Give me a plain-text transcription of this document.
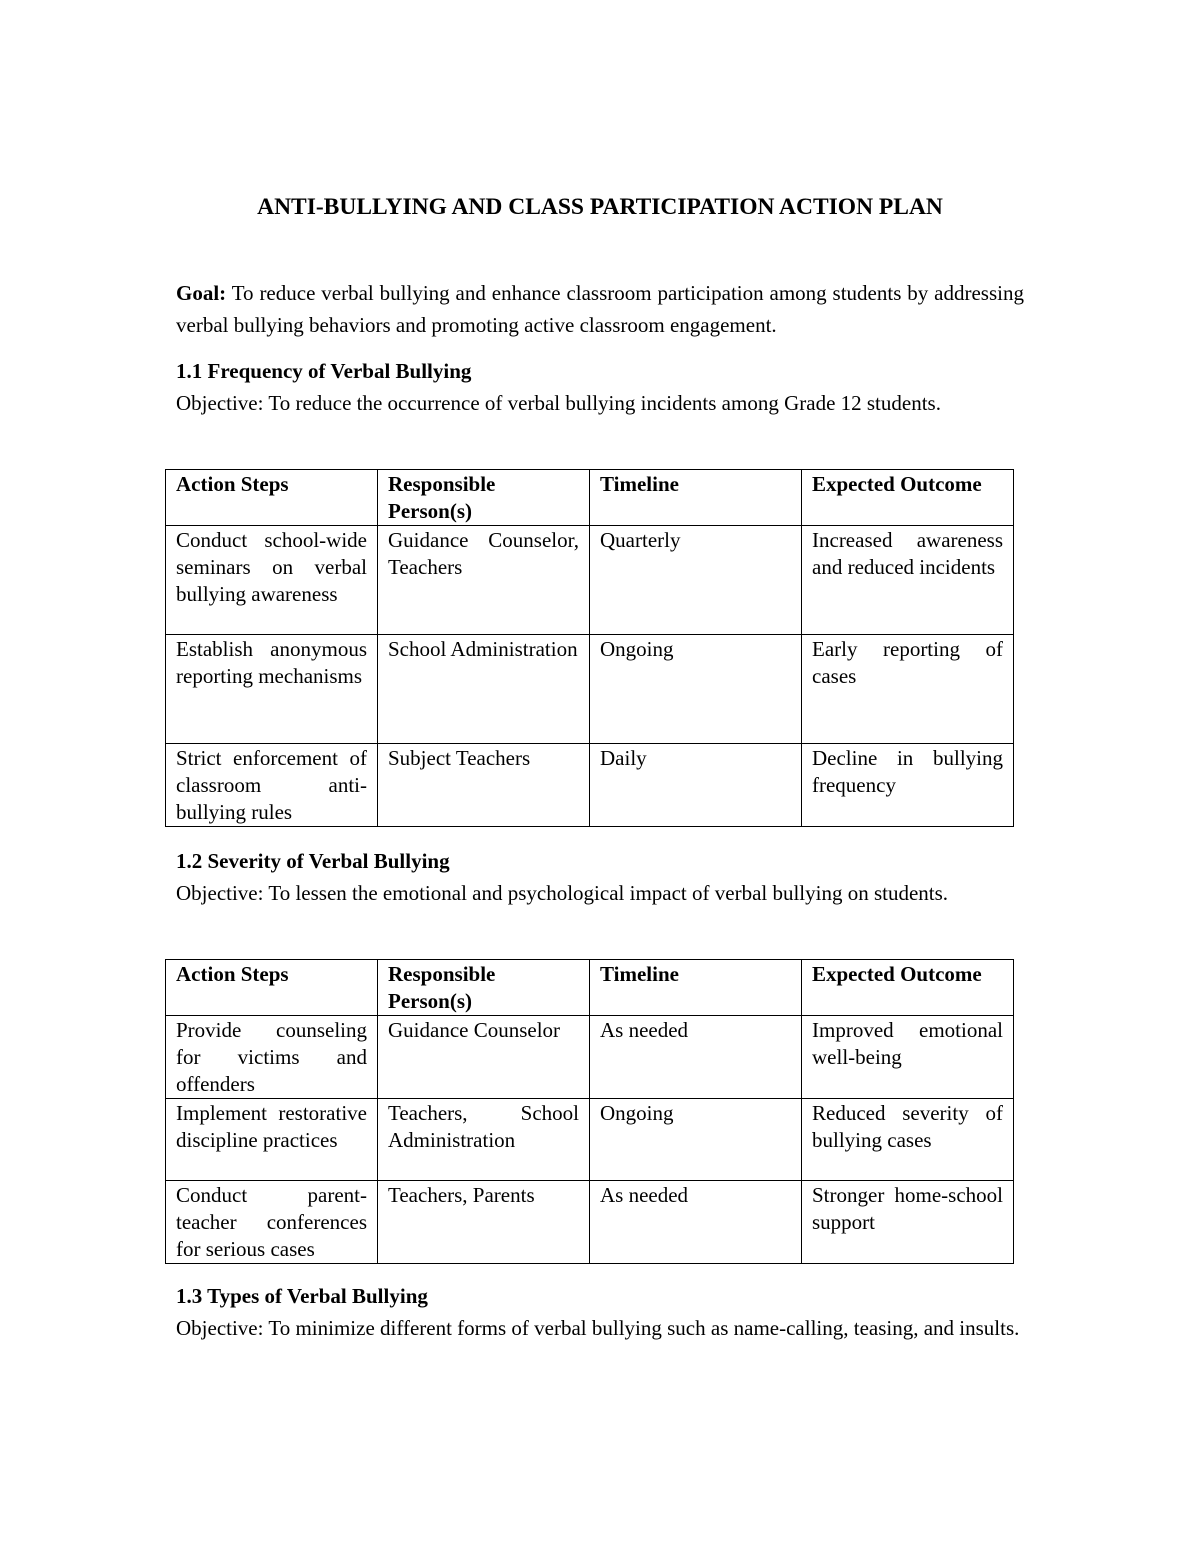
ANTI-BULLYING AND CLASS PARTICIPATION ACTION PLAN

Goal: To reduce verbal bullying and enhance classroom participation among students by addressing verbal bullying behaviors and promoting active classroom engagement.

1.1 Frequency of Verbal Bullying

Objective: To reduce the occurrence of verbal bullying incidents among Grade 12 students.

Action Steps	Responsible Person(s)	Timeline	Expected Outcome
Conduct school-wide seminars on verbal bullying awareness	Guidance Counselor, Teachers	Quarterly	Increased awareness and reduced incidents
Establish anonymous reporting mechanisms	School Administration	Ongoing	Early reporting of cases
Strict enforcement of classroom anti-bullying rules	Subject Teachers	Daily	Decline in bullying frequency
1.2 Severity of Verbal Bullying

Objective: To lessen the emotional and psychological impact of verbal bullying on students.

Action Steps	Responsible Person(s)	Timeline	Expected Outcome
Provide counseling for victims and offenders	Guidance Counselor	As needed	Improved emotional well-being
Implement restorative discipline practices	Teachers, School Administration	Ongoing	Reduced severity of bullying cases
Conduct parent-teacher conferences for serious cases	Teachers, Parents	As needed	Stronger home-school support
1.3 Types of Verbal Bullying

Objective: To minimize different forms of verbal bullying such as name-calling, teasing, and insults.
